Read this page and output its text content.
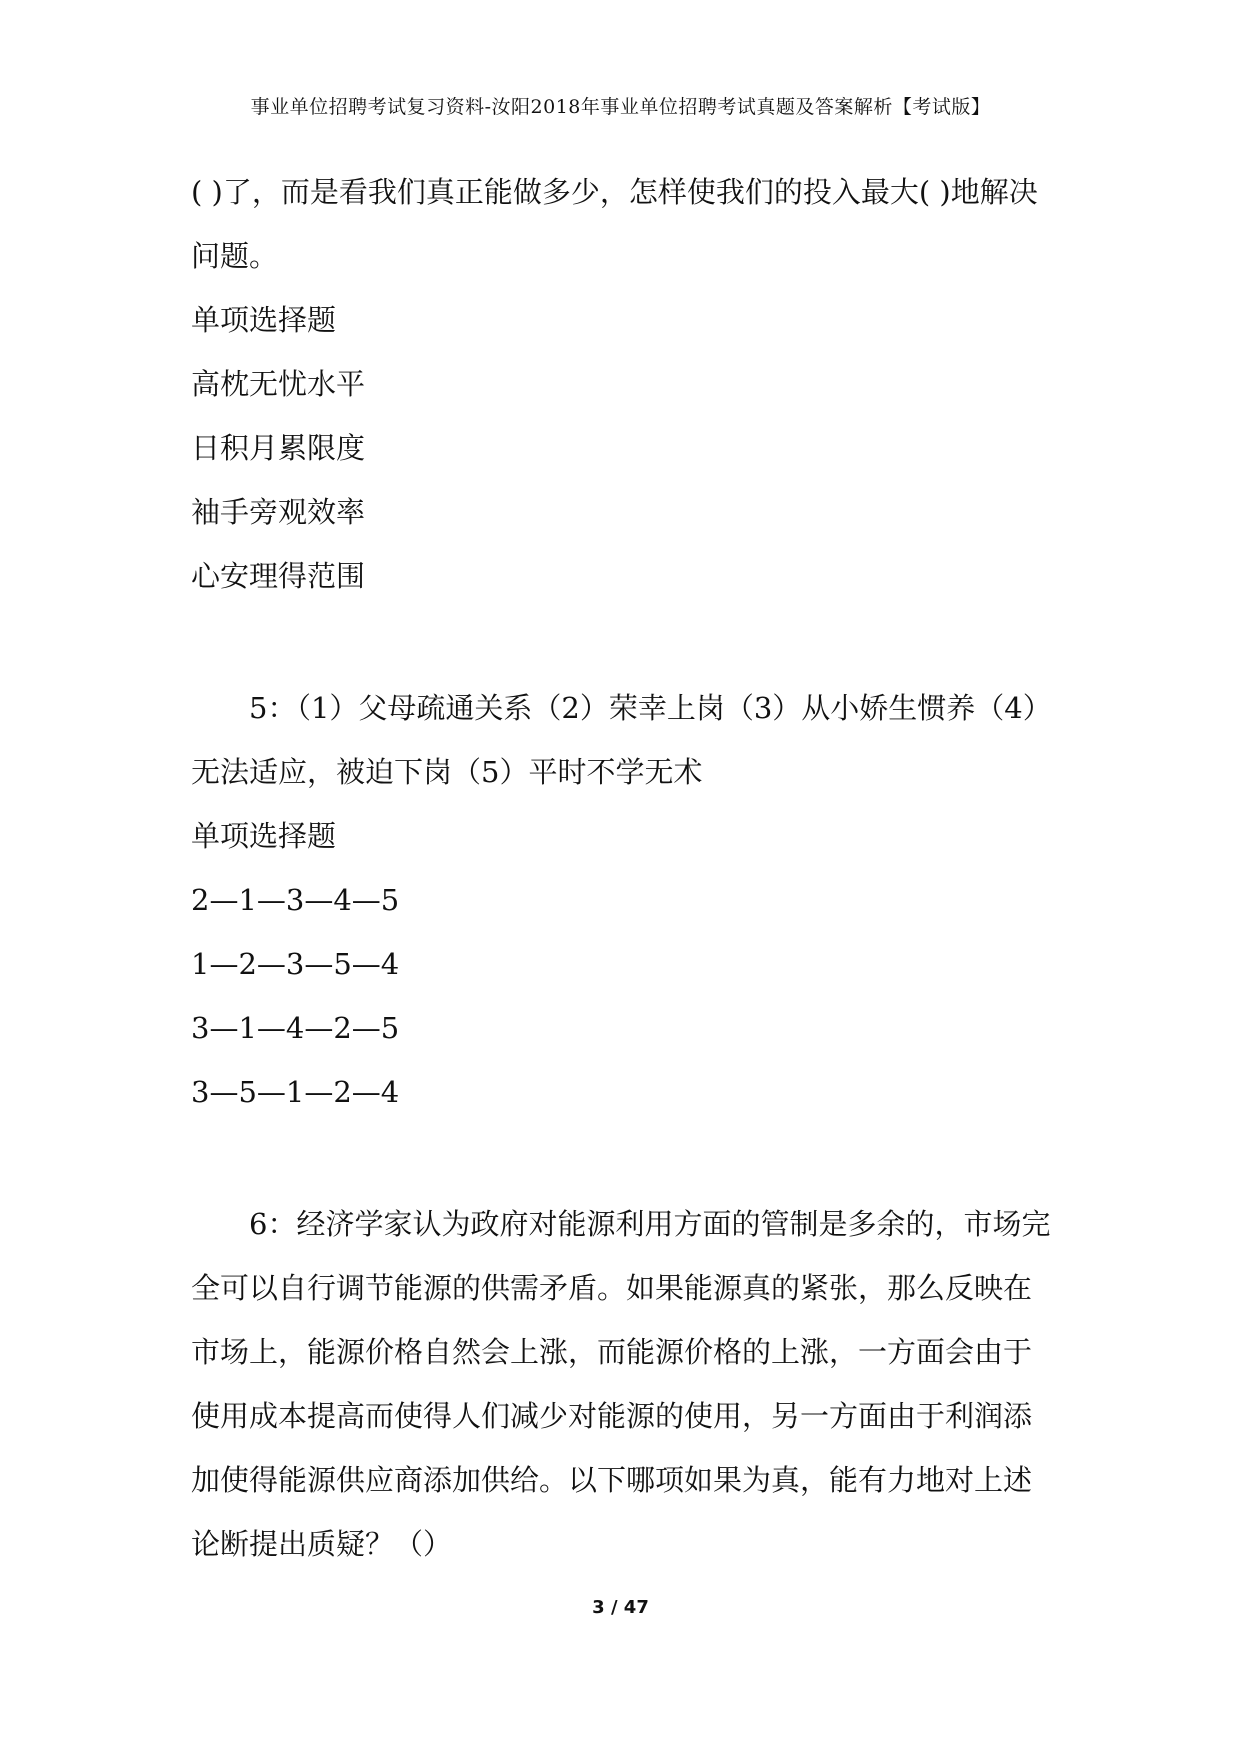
事业单位招聘考试复习资料-汝阳2018年事业单位招聘考试真题及答案解析【考试版】

( )了，而是看我们真正能做多少，怎样使我们的投入最大( )地解决问题。

单项选择题

高枕无忧水平

日积月累限度

袖手旁观效率

心安理得范围

5：（1）父母疏通关系（2）荣幸上岗（3）从小娇生惯养（4）无法适应，被迫下岗（5）平时不学无术

单项选择题

2—1—3—4—5

1—2—3—5—4

3—1—4—2—5

3—5—1—2—4

6：经济学家认为政府对能源利用方面的管制是多余的，市场完全可以自行调节能源的供需矛盾。如果能源真的紧张，那么反映在市场上，能源价格自然会上涨，而能源价格的上涨，一方面会由于使用成本提高而使得人们减少对能源的使用，另一方面由于利润添加使得能源供应商添加供给。以下哪项如果为真，能有力地对上述论断提出质疑？（）

3 / 47
